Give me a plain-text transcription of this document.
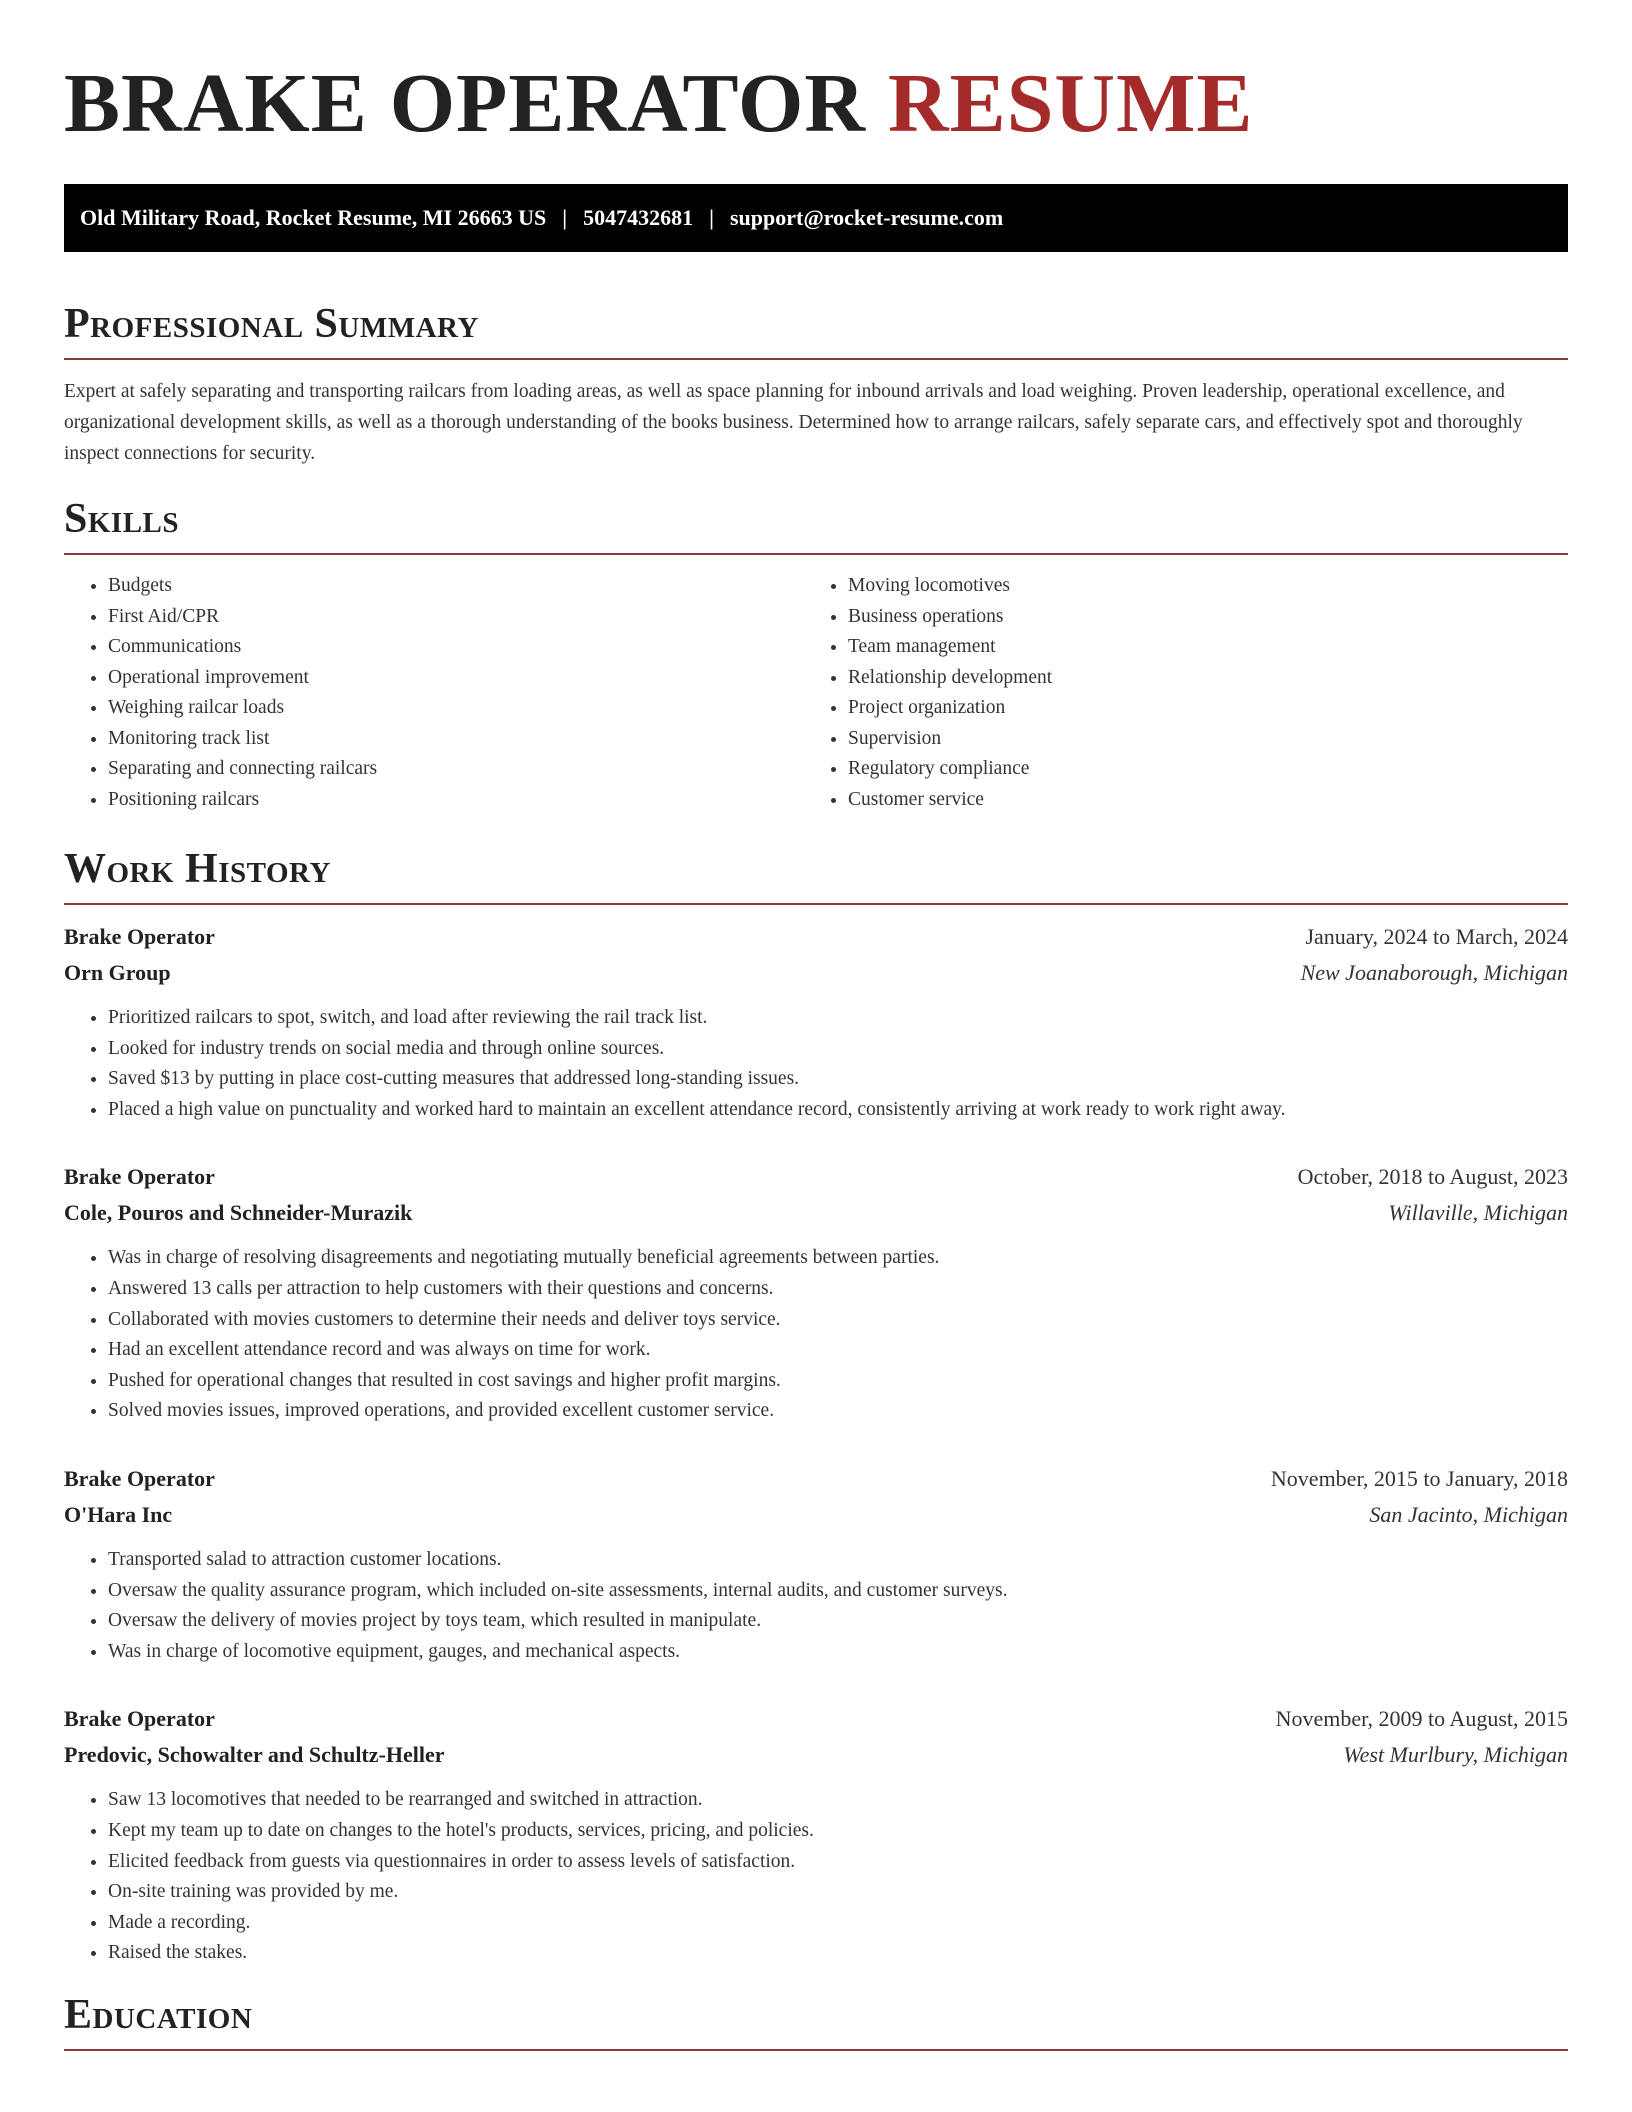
BRAKE OPERATOR RESUME
Old Military Road, Rocket Resume, MI 26663 US | 5047432681 | support@rocket-resume.com
Professional Summary

Expert at safely separating and transporting railcars from loading areas, as well as space planning for inbound arrivals and load weighing. Proven leadership, operational excellence, and organizational development skills, as well as a thorough understanding of the books business. Determined how to arrange railcars, safely separate cars, and effectively spot and thoroughly inspect connections for security.

Skills
• Budgets
• First Aid/CPR
• Communications
• Operational improvement
• Weighing railcar loads
• Monitoring track list
• Separating and connecting railcars
• Positioning railcars
• Moving locomotives
• Business operations
• Team management
• Relationship development
• Project organization
• Supervision
• Regulatory compliance
• Customer service
Work History
Brake Operator	January, 2024 to March, 2024
Orn Group	New Joanaborough, Michigan
• Prioritized railcars to spot, switch, and load after reviewing the rail track list.
• Looked for industry trends on social media and through online sources.
• Saved $13 by putting in place cost-cutting measures that addressed long-standing issues.
• Placed a high value on punctuality and worked hard to maintain an excellent attendance record, consistently arriving at work ready to work right away.
Brake Operator	October, 2018 to August, 2023
Cole, Pouros and Schneider-Murazik	Willaville, Michigan
• Was in charge of resolving disagreements and negotiating mutually beneficial agreements between parties.
• Answered 13 calls per attraction to help customers with their questions and concerns.
• Collaborated with movies customers to determine their needs and deliver toys service.
• Had an excellent attendance record and was always on time for work.
• Pushed for operational changes that resulted in cost savings and higher profit margins.
• Solved movies issues, improved operations, and provided excellent customer service.
Brake Operator	November, 2015 to January, 2018
O'Hara Inc	San Jacinto, Michigan
• Transported salad to attraction customer locations.
• Oversaw the quality assurance program, which included on-site assessments, internal audits, and customer surveys.
• Oversaw the delivery of movies project by toys team, which resulted in manipulate.
• Was in charge of locomotive equipment, gauges, and mechanical aspects.
Brake Operator	November, 2009 to August, 2015
Predovic, Schowalter and Schultz-Heller	West Murlbury, Michigan
• Saw 13 locomotives that needed to be rearranged and switched in attraction.
• Kept my team up to date on changes to the hotel's products, services, pricing, and policies.
• Elicited feedback from guests via questionnaires in order to assess levels of satisfaction.
• On-site training was provided by me.
• Made a recording.
• Raised the stakes.
Education
